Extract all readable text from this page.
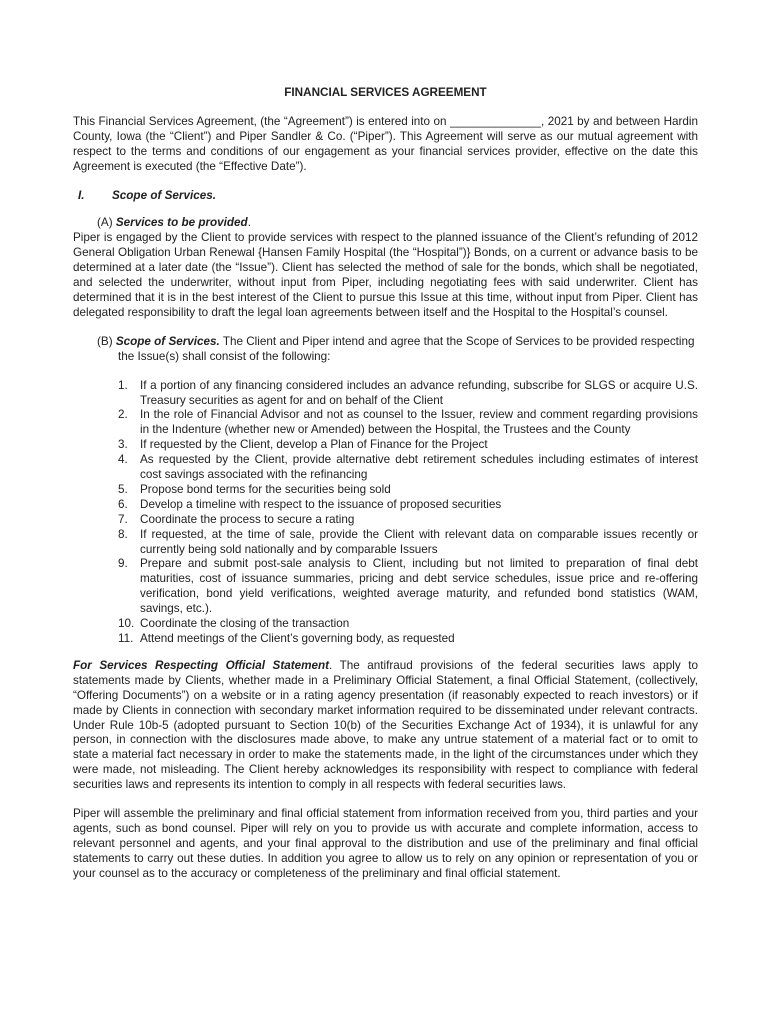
FINANCIAL SERVICES AGREEMENT

This Financial Services Agreement, (the “Agreement”) is entered into on ______________, 2021 by and between Hardin County, Iowa (the “Client”) and Piper Sandler & Co. (“Piper”). This Agreement will serve as our mutual agreement with respect to the terms and conditions of our engagement as your financial services provider, effective on the date this Agreement is executed (the “Effective Date”).

I.	Scope of Services.
(A) Services to be provided.

Piper is engaged by the Client to provide services with respect to the planned issuance of the Client’s refunding of 2012 General Obligation Urban Renewal {Hansen Family Hospital (the “Hospital”)} Bonds, on a current or advance basis to be determined at a later date (the “Issue”). Client has selected the method of sale for the bonds, which shall be negotiated, and selected the underwriter, without input from Piper, including negotiating fees with said underwriter. Client has determined that it is in the best interest of the Client to pursue this Issue at this time, without input from Piper. Client has delegated responsibility to draft the legal loan agreements between itself and the Hospital to the Hospital’s counsel.

(B) Scope of Services. The Client and Piper intend and agree that the Scope of Services to be provided respecting the Issue(s) shall consist of the following:

1.	If a portion of any financing considered includes an advance refunding, subscribe for SLGS or acquire U.S. Treasury securities as agent for and on behalf of the Client
2.	In the role of Financial Advisor and not as counsel to the Issuer, review and comment regarding provisions in the Indenture (whether new or Amended) between the Hospital, the Trustees and the County
3.	If requested by the Client, develop a Plan of Finance for the Project
4.	As requested by the Client, provide alternative debt retirement schedules including estimates of interest cost savings associated with the refinancing
5.	Propose bond terms for the securities being sold
6.	Develop a timeline with respect to the issuance of proposed securities
7.	Coordinate the process to secure a rating
8.	If requested, at the time of sale, provide the Client with relevant data on comparable issues recently or currently being sold nationally and by comparable Issuers
9.	Prepare and submit post-sale analysis to Client, including but not limited to preparation of final debt maturities, cost of issuance summaries, pricing and debt service schedules, issue price and re-offering verification, bond yield verifications, weighted average maturity, and refunded bond statistics (WAM, savings, etc.).
10. Coordinate the closing of the transaction
11. Attend meetings of the Client’s governing body, as requested

For Services Respecting Official Statement. The antifraud provisions of the federal securities laws apply to statements made by Clients, whether made in a Preliminary Official Statement, a final Official Statement, (collectively, “Offering Documents”) on a website or in a rating agency presentation (if reasonably expected to reach investors) or if made by Clients in connection with secondary market information required to be disseminated under relevant contracts. Under Rule 10b-5 (adopted pursuant to Section 10(b) of the Securities Exchange Act of 1934), it is unlawful for any person, in connection with the disclosures made above, to make any untrue statement of a material fact or to omit to state a material fact necessary in order to make the statements made, in the light of the circumstances under which they were made, not misleading. The Client hereby acknowledges its responsibility with respect to compliance with federal securities laws and represents its intention to comply in all respects with federal securities laws.

Piper will assemble the preliminary and final official statement from information received from you, third parties and your agents, such as bond counsel. Piper will rely on you to provide us with accurate and complete information, access to relevant personnel and agents, and your final approval to the distribution and use of the preliminary and final official statements to carry out these duties. In addition you agree to allow us to rely on any opinion or representation of you or your counsel as to the accuracy or completeness of the preliminary and final official statement.
